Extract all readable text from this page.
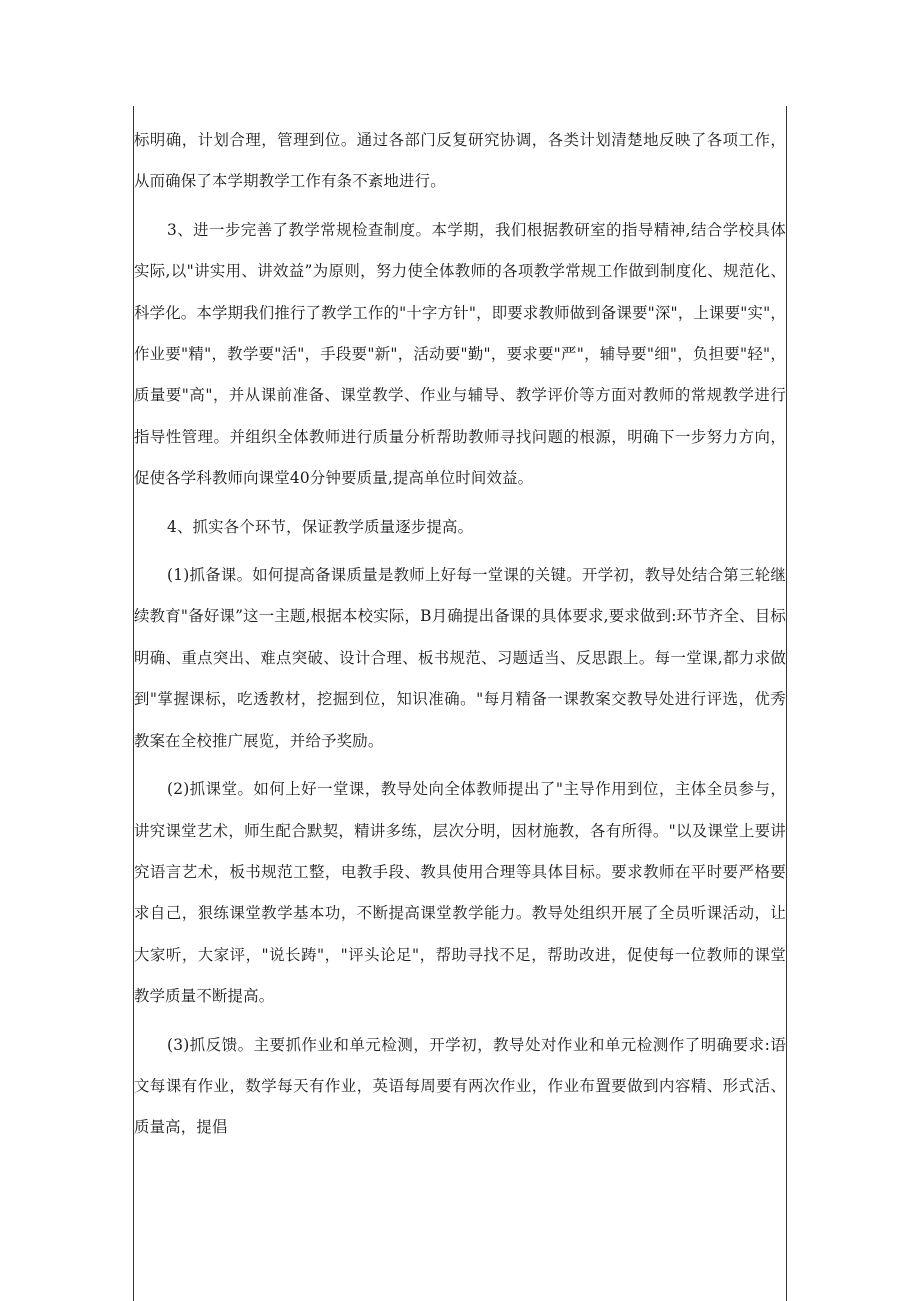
标明确，计划合理，管理到位。通过各部门反复研究协调，各类计划清楚地反映了各项工作，从而确保了本学期教学工作有条不紊地进行。

3、进一步完善了教学常规检查制度。本学期，我们根据教研室的指导精神,结合学校具体实际,以"讲实用、讲效益”为原则，努力使全体教师的各项教学常规工作做到制度化、规范化、科学化。本学期我们推行了教学工作的"十字方针"，即要求教师做到备课要"深"，上课要"实"，作业要"精"，教学要"活"，手段要"新"，活动要"勤"，要求要"严"，辅导要"细"，负担要"轻"，质量要"高"，并从课前准备、课堂教学、作业与辅导、教学评价等方面对教师的常规教学进行指导性管理。并组织全体教师进行质量分析帮助教师寻找问题的根源，明确下一步努力方向，促使各学科教师向课堂40分钟要质量,提高单位时间效益。

4、抓实各个环节，保证教学质量逐步提高。

(1)抓备课。如何提高备课质量是教师上好每一堂课的关键。开学初，教导处结合第三轮继续教育"备好课”这一主题,根据本校实际，B月确提出备课的具体要求,要求做到:环节齐全、目标明确、重点突出、难点突破、设计合理、板书规范、习题适当、反思跟上。每一堂课,都力求做到"掌握课标，吃透教材，挖掘到位，知识准确。"每月精备一课教案交教导处进行评选，优秀教案在全校推广展览，并给予奖励。

(2)抓课堂。如何上好一堂课，教导处向全体教师提出了"主导作用到位，主体全员参与，讲究课堂艺术，师生配合默契，精讲多练，层次分明，因材施教，各有所得。"以及课堂上要讲究语言艺术，板书规范工整，电教手段、教具使用合理等具体目标。要求教师在平时要严格要求自己，狠练课堂教学基本功，不断提高课堂教学能力。教导处组织开展了全员听课活动，让大家听，大家评，"说长踌"，"评头论足"，帮助寻找不足，帮助改进，促使每一位教师的课堂教学质量不断提高。

(3)抓反馈。主要抓作业和单元检测，开学初，教导处对作业和单元检测作了明确要求:语文每课有作业，数学每天有作业，英语每周要有两次作业，作业布置要做到内容精、形式活、质量高，提倡
